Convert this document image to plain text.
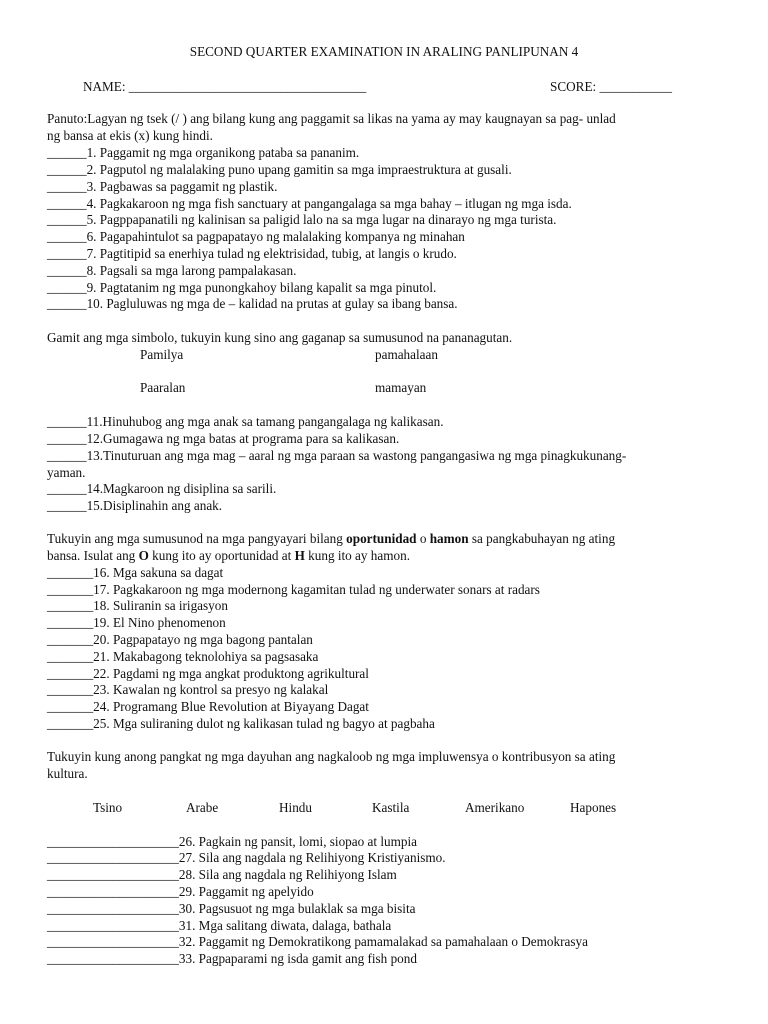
SECOND QUARTER EXAMINATION IN ARALING PANLIPUNAN 4
NAME: ____________________________________	SCORE: ___________
Panuto:Lagyan ng tsek (/ ) ang bilang kung ang paggamit sa likas na yama ay may kaugnayan sa pag- unlad
ng bansa at ekis (x) kung hindi.
______1. Paggamit ng mga organikong pataba sa pananim.
______2. Pagputol ng malalaking puno upang gamitin sa mga impraestruktura at gusali.
______3. Pagbawas sa paggamit ng plastik.
______4. Pagkakaroon ng mga fish sanctuary at pangangalaga sa mga bahay – itlugan ng mga isda.
______5. Pagppapanatili ng kalinisan sa paligid lalo na sa mga lugar na dinarayo ng mga turista.
______6. Pagapahintulot sa pagpapatayo ng malalaking kompanya ng minahan
______7. Pagtitipid sa enerhiya tulad ng elektrisidad, tubig, at langis o krudo.
______8. Pagsali sa mga larong pampalakasan.
______9. Pagtatanim ng mga punongkahoy bilang kapalit sa mga pinutol.
______10. Pagluluwas ng mga de – kalidad na prutas at gulay sa ibang bansa.
Gamit ang mga simbolo, tukuyin kung sino ang gaganap sa sumusunod na pananagutan.
Pamilya	pamahalaan
Paaralan	mamayan
______11.Hinuhubog ang mga anak sa tamang pangangalaga ng kalikasan.
______12.Gumagawa ng mga batas at programa para sa kalikasan.
______13.Tinuturuan ang mga mag – aaral ng mga paraan sa wastong pangangasiwa ng mga pinagkukunang-
yaman.
______14.Magkaroon ng disiplina sa sarili.
______15.Disiplinahin ang anak.
Tukuyin ang mga sumusunod na mga pangyayari bilang oportunidad o hamon sa pangkabuhayan ng ating
bansa. Isulat ang O kung ito ay oportunidad at H kung ito ay hamon.
_______16. Mga sakuna sa dagat
_______17. Pagkakaroon ng mga modernong kagamitan tulad ng underwater sonars at radars
_______18. Suliranin sa irigasyon
_______19. El Nino phenomenon
_______20. Pagpapatayo ng mga bagong pantalan
_______21. Makabagong teknolohiya sa pagsasaka
_______22. Pagdami ng mga angkat produktong agrikultural
_______23. Kawalan ng kontrol sa presyo ng kalakal
_______24. Programang Blue Revolution at Biyayang Dagat
_______25. Mga suliraning dulot ng kalikasan tulad ng bagyo at pagbaha
Tukuyin kung anong pangkat ng mga dayuhan ang nagkaloob ng mga impluwensya o kontribusyon sa ating
kultura.
Tsino	Arabe	Hindu	Kastila	Amerikano	Hapones
____________________26. Pagkain ng pansit, lomi, siopao at lumpia
____________________27. Sila ang nagdala ng Relihiyong Kristiyanismo.
____________________28. Sila ang nagdala ng Relihiyong Islam
____________________29. Paggamit ng apelyido
____________________30. Pagsusuot ng mga bulaklak sa mga bisita
____________________31. Mga salitang diwata, dalaga, bathala
____________________32. Paggamit ng Demokratikong pamamalakad sa pamahalaan o Demokrasya
____________________33. Pagpaparami ng isda gamit ang fish pond
